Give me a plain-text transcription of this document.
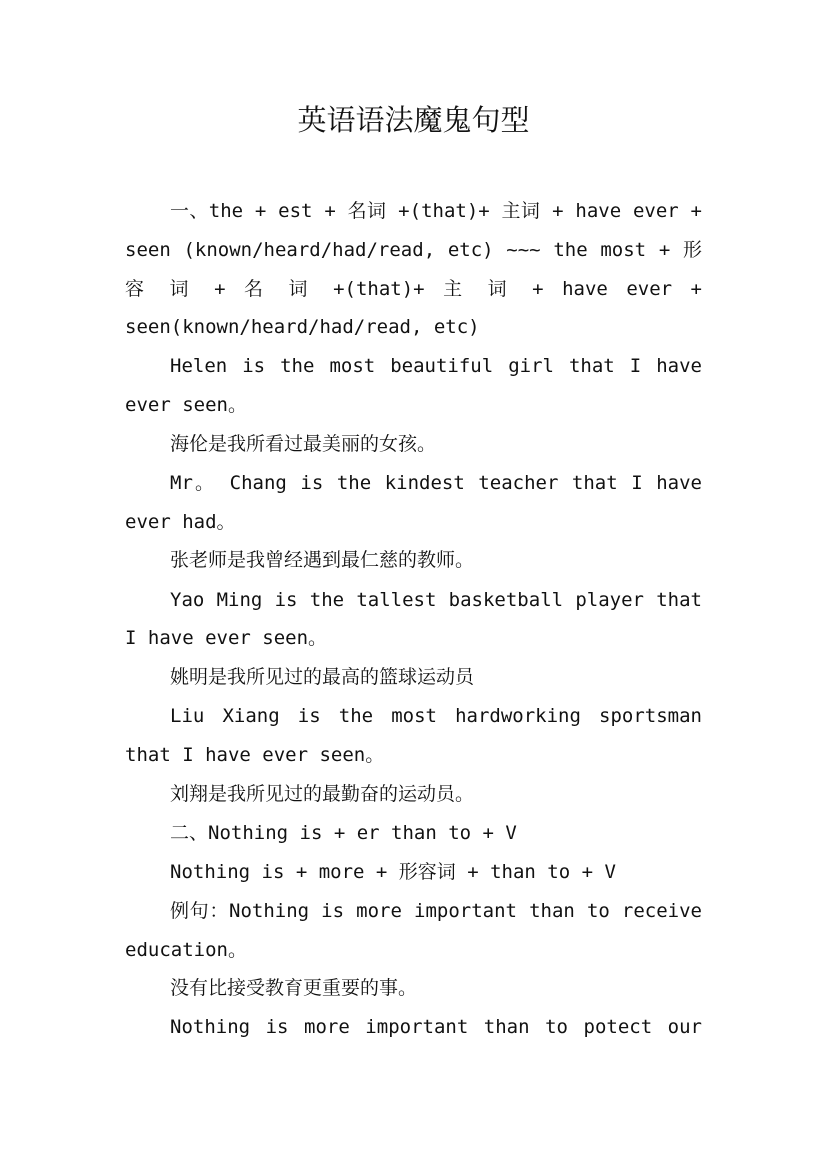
英语语法魔鬼句型
一、the + est + 名词 +(that)+ 主词 + have ever +
seen (known/heard/had/read, etc) ~~~ the most + 形
容 词 + 名 词 +(that)+ 主 词 + have ever +
seen(known/heard/had/read, etc)
Helen is the most beautiful girl that I have
ever seen。
海伦是我所看过最美丽的女孩。
Mr。 Chang is the kindest teacher that I have
ever had。
张老师是我曾经遇到最仁慈的教师。
Yao Ming is the tallest basketball player that
I have ever seen。
姚明是我所见过的最高的篮球运动员
Liu Xiang is the most hardworking sportsman
that I have ever seen。
刘翔是我所见过的最勤奋的运动员。
二、Nothing is + er than to + V
Nothing is + more + 形容词 + than to + V
例句：Nothing is more important than to receive
education。
没有比接受教育更重要的事。
Nothing is more important than to potect our
